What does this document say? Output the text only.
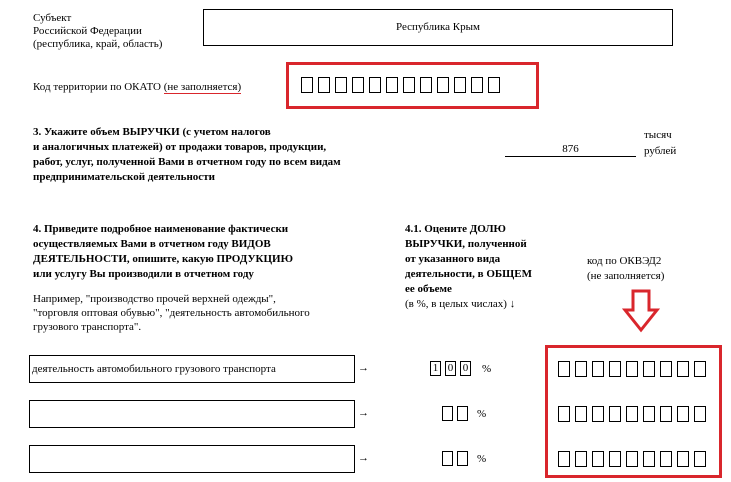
Субъект
Российской Федерации
(республика, край, область)
Республика Крым
Код территории по ОКАТО (не заполняется)
3. Укажите объем ВЫРУЧКИ (с учетом налогов
и аналогичных платежей) от продажи товаров, продукции,
работ, услуг, полученной Вами в отчетном году по всем видам
предпринимательской деятельности
876
тысяч
рублей
4. Приведите подробное наименование фактически
осуществляемых Вами в отчетном году ВИДОВ
ДЕЯТЕЛЬНОСТИ, опишите, какую ПРОДУКЦИЮ
или услугу Вы производили в отчетном году
Например, "производство прочей верхней одежды",
"торговля оптовая обувью", "деятельность автомобильного
грузового транспорта".
4.1. Оцените ДОЛЮ
ВЫРУЧКИ, полученной
от указанного вида
деятельности, в ОБЩЕМ
ее объеме
(в %, в целых числах) ↓
код по ОКВЭД2
(не заполняется)
деятельность автомобильного грузового транспорта	→	1 0 0 %
→	%
→	%
